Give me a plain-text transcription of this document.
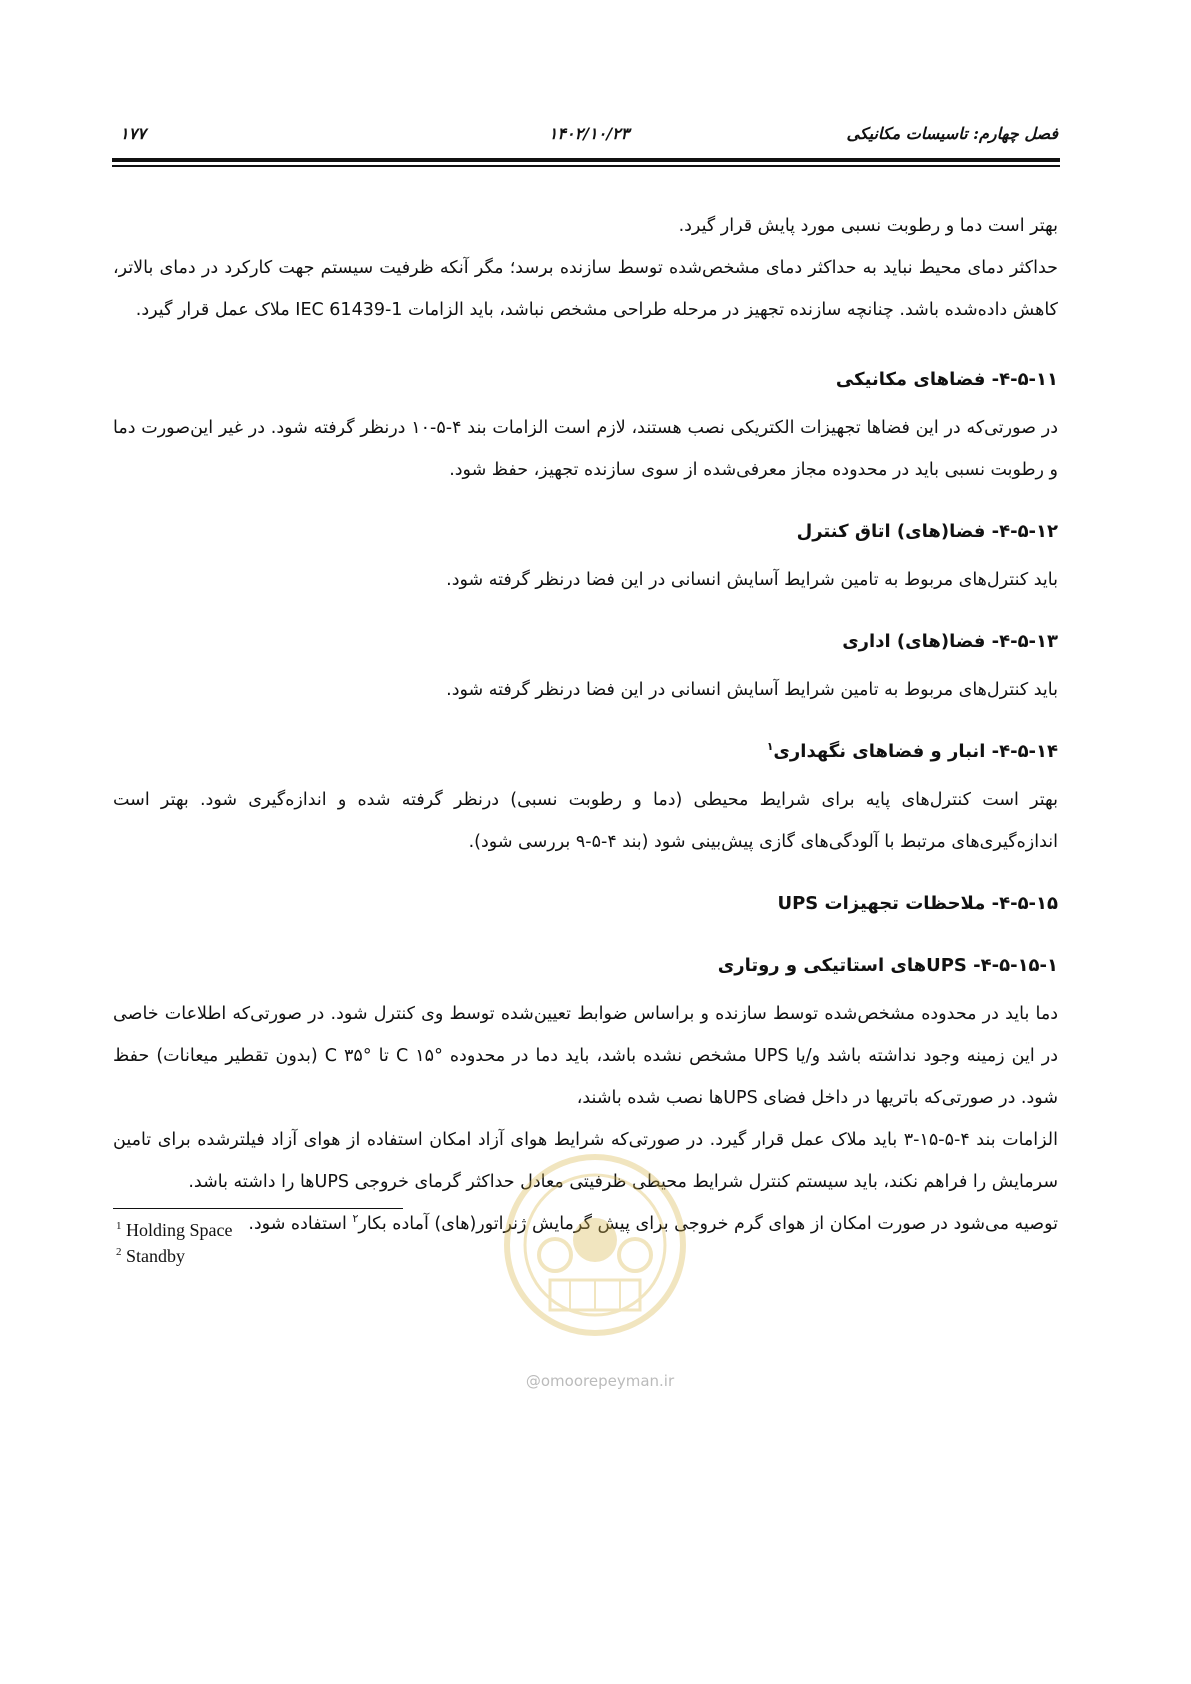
فصل چهارم: تاسیسات مکانیکی
۱۴۰۲/۱۰/۲۳
۱۷۷

بهتر است دما و رطوبت نسبی مورد پایش قرار گیرد.

حداکثر دمای محیط نباید به حداکثر دمای مشخص‌شده توسط سازنده برسد؛ مگر آنکه ظرفیت سیستم جهت کارکرد در دمای بالاتر، کاهش داده‌شده باشد. چنانچه سازنده تجهیز در مرحله طراحی مشخص نباشد، باید الزامات IEC 61439-1 ملاک عمل قرار گیرد.

۴-۵-۱۱- فضاهای مکانیکی

در صورتی‌که در این فضاها تجهیزات الکتریکی نصب هستند، لازم است الزامات بند ۴-۵-۱۰ درنظر گرفته شود. در غیر این‌صورت دما و رطوبت نسبی باید در محدوده مجاز معرفی‌شده از سوی سازنده تجهیز، حفظ شود.

۴-۵-۱۲- فضا(های) اتاق کنترل

باید کنترل‌های مربوط به تامین شرایط آسایش انسانی در این فضا درنظر گرفته شود.

۴-۵-۱۳- فضا(های) اداری

باید کنترل‌های مربوط به تامین شرایط آسایش انسانی در این فضا درنظر گرفته شود.

۴-۵-۱۴- انبار و فضاهای نگهداری$^۱$

بهتر است کنترل‌های پایه برای شرایط محیطی (دما و رطوبت نسبی) درنظر گرفته شده و اندازه‌گیری شود. بهتر است اندازه‌گیری‌های مرتبط با آلودگی‌های گازی پیش‌بینی شود (بند ۴-۵-۹ بررسی شود).

۴-۵-۱۵- ملاحظات تجهیزات UPS

۴-۵-۱۵-۱- UPSهای استاتیکی و روتاری

دما باید در محدوده مشخص‌شده توسط سازنده و براساس ضوابط تعیین‌شده توسط وی کنترل شود. در صورتی‌که اطلاعات خاصی در این زمینه وجود نداشته باشد و/یا UPS مشخص نشده باشد، باید دما در محدوده °C ۱۵ تا °C ۳۵ (بدون تقطیر میعانات) حفظ شود. در صورتی‌که باتریها در داخل فضای UPSها نصب شده باشند،

الزامات بند ۴-۵-۱۵-۳ باید ملاک عمل قرار گیرد. در صورتی‌که شرایط هوای آزاد امکان استفاده از هوای آزاد فیلترشده برای تامین سرمایش را فراهم نکند، باید سیستم کنترل شرایط محیطی ظرفیتی معادل حداکثر گرمای خروجی UPSها را داشته باشد.

توصیه می‌شود در صورت امکان از هوای گرم خروجی برای پیش گرمایش ژنراتور(های) آماده بکار$^۲$ استفاده شود.

@omoorepeyman.ir
$^1$ Holding Space
$^2$ Standby
